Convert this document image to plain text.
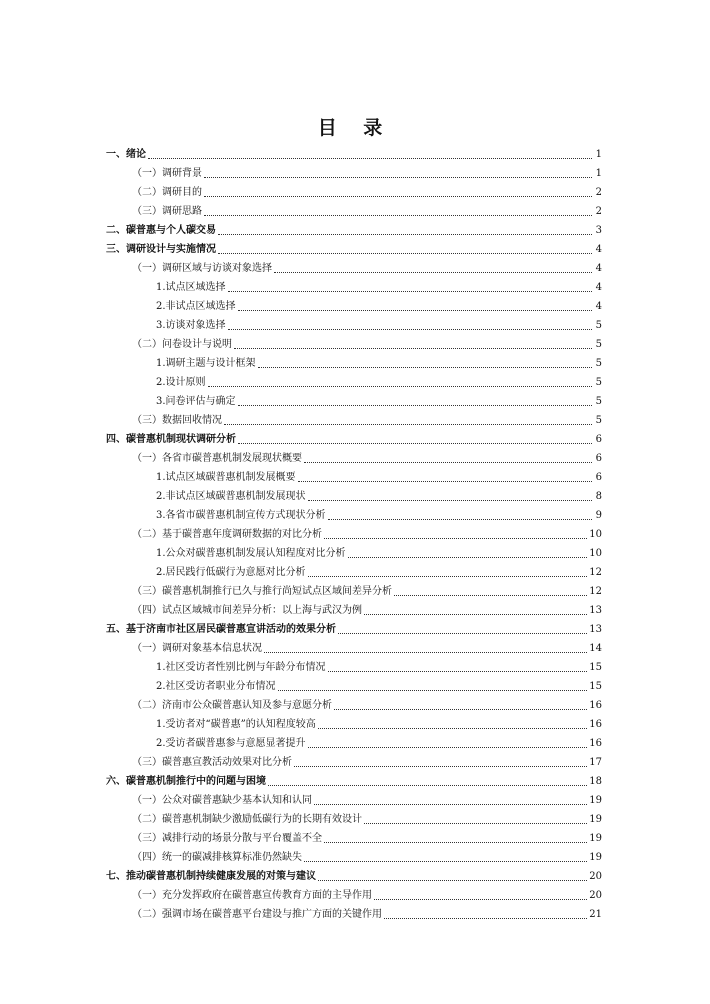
目 录
一、绪论	1
（一）调研背景	1
（二）调研目的	2
（三）调研思路	2
二、碳普惠与个人碳交易	3
三、调研设计与实施情况	4
（一）调研区域与访谈对象选择	4
1.试点区域选择	4
2.非试点区域选择	4
3.访谈对象选择	5
（二）问卷设计与说明	5
1.调研主题与设计框架	5
2.设计原则	5
3.问卷评估与确定	5
（三）数据回收情况	5
四、碳普惠机制现状调研分析	6
（一）各省市碳普惠机制发展现状概要	6
1.试点区域碳普惠机制发展概要	6
2.非试点区域碳普惠机制发展现状	8
3.各省市碳普惠机制宣传方式现状分析	9
（二）基于碳普惠年度调研数据的对比分析	10
1.公众对碳普惠机制发展认知程度对比分析	10
2.居民践行低碳行为意愿对比分析	12
（三）碳普惠机制推行已久与推行尚短试点区域间差异分析	12
（四）试点区域城市间差异分析：以上海与武汉为例	13
五、基于济南市社区居民碳普惠宣讲活动的效果分析	13
（一）调研对象基本信息状况	14
1.社区受访者性别比例与年龄分布情况	15
2.社区受访者职业分布情况	15
（二）济南市公众碳普惠认知及参与意愿分析	16
1.受访者对“碳普惠”的认知程度较高	16
2.受访者碳普惠参与意愿显著提升	16
（三）碳普惠宣教活动效果对比分析	17
六、碳普惠机制推行中的问题与困境	18
（一）公众对碳普惠缺少基本认知和认同	19
（二）碳普惠机制缺少激励低碳行为的长期有效设计	19
（三）减排行动的场景分散与平台覆盖不全	19
（四）统一的碳减排核算标准仍然缺失	19
七、推动碳普惠机制持续健康发展的对策与建议	20
（一）充分发挥政府在碳普惠宣传教育方面的主导作用	20
（二）强调市场在碳普惠平台建设与推广方面的关键作用	21
